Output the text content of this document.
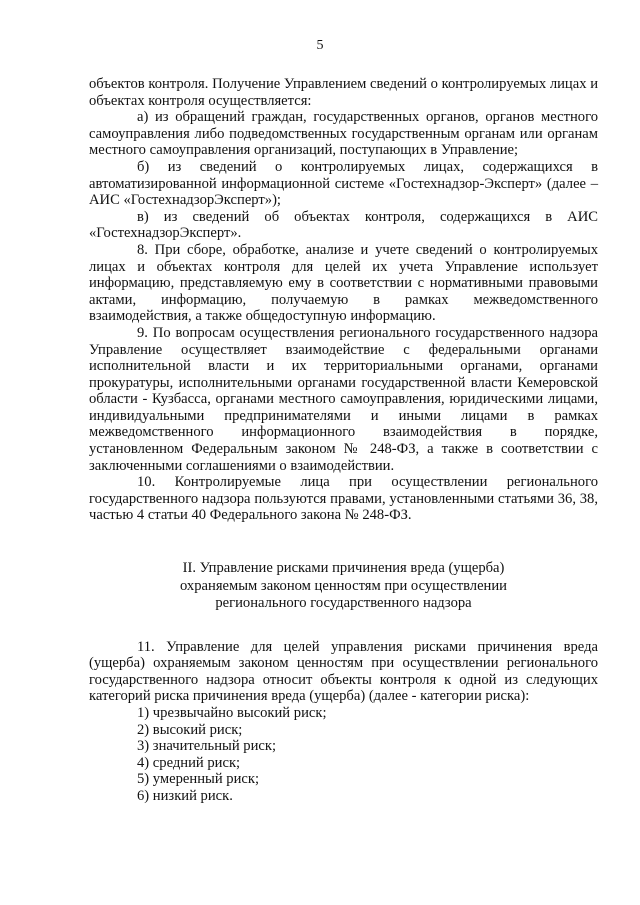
5

объектов контроля. Получение Управлением сведений о контролируемых лицах и объектах контроля осуществляется:

а) из обращений граждан, государственных органов, органов местного самоуправления либо подведомственных государственным органам или органам местного самоуправления организаций, поступающих в Управление;

б) из сведений о контролируемых лицах, содержащихся в автоматизированной информационной системе «Гостехнадзор-Эксперт» (далее – АИС «ГостехнадзорЭксперт»);

в) из сведений об объектах контроля, содержащихся в АИС «ГостехнадзорЭксперт».

8. При сборе, обработке, анализе и учете сведений о контролируемых лицах и объектах контроля для целей их учета Управление использует информацию, представляемую ему в соответствии с нормативными правовыми актами, информацию, получаемую в рамках межведомственного взаимодействия, а также общедоступную информацию.

9. По вопросам осуществления регионального государственного надзора Управление осуществляет взаимодействие с федеральными органами исполнительной власти и их территориальными органами, органами прокуратуры, исполнительными органами государственной власти Кемеровской области - Кузбасса, органами местного самоуправления, юридическими лицами, индивидуальными предпринимателями и иными лицами в рамках межведомственного информационного взаимодействия в порядке, установленном Федеральным законом № 248-ФЗ, а также в соответствии с заключенными соглашениями о взаимодействии.

10. Контролируемые лица при осуществлении регионального государственного надзора пользуются правами, установленными статьями 36, 38, частью 4 статьи 40 Федерального закона № 248-ФЗ.

II. Управление рисками причинения вреда (ущерба)
охраняемым законом ценностям при осуществлении
регионального государственного надзора

11. Управление для целей управления рисками причинения вреда (ущерба) охраняемым законом ценностям при осуществлении регионального государственного надзора относит объекты контроля к одной из следующих категорий риска причинения вреда (ущерба) (далее - категории риска):

1) чрезвычайно высокий риск;

2) высокий риск;

3) значительный риск;

4) средний риск;

5) умеренный риск;

6) низкий риск.
